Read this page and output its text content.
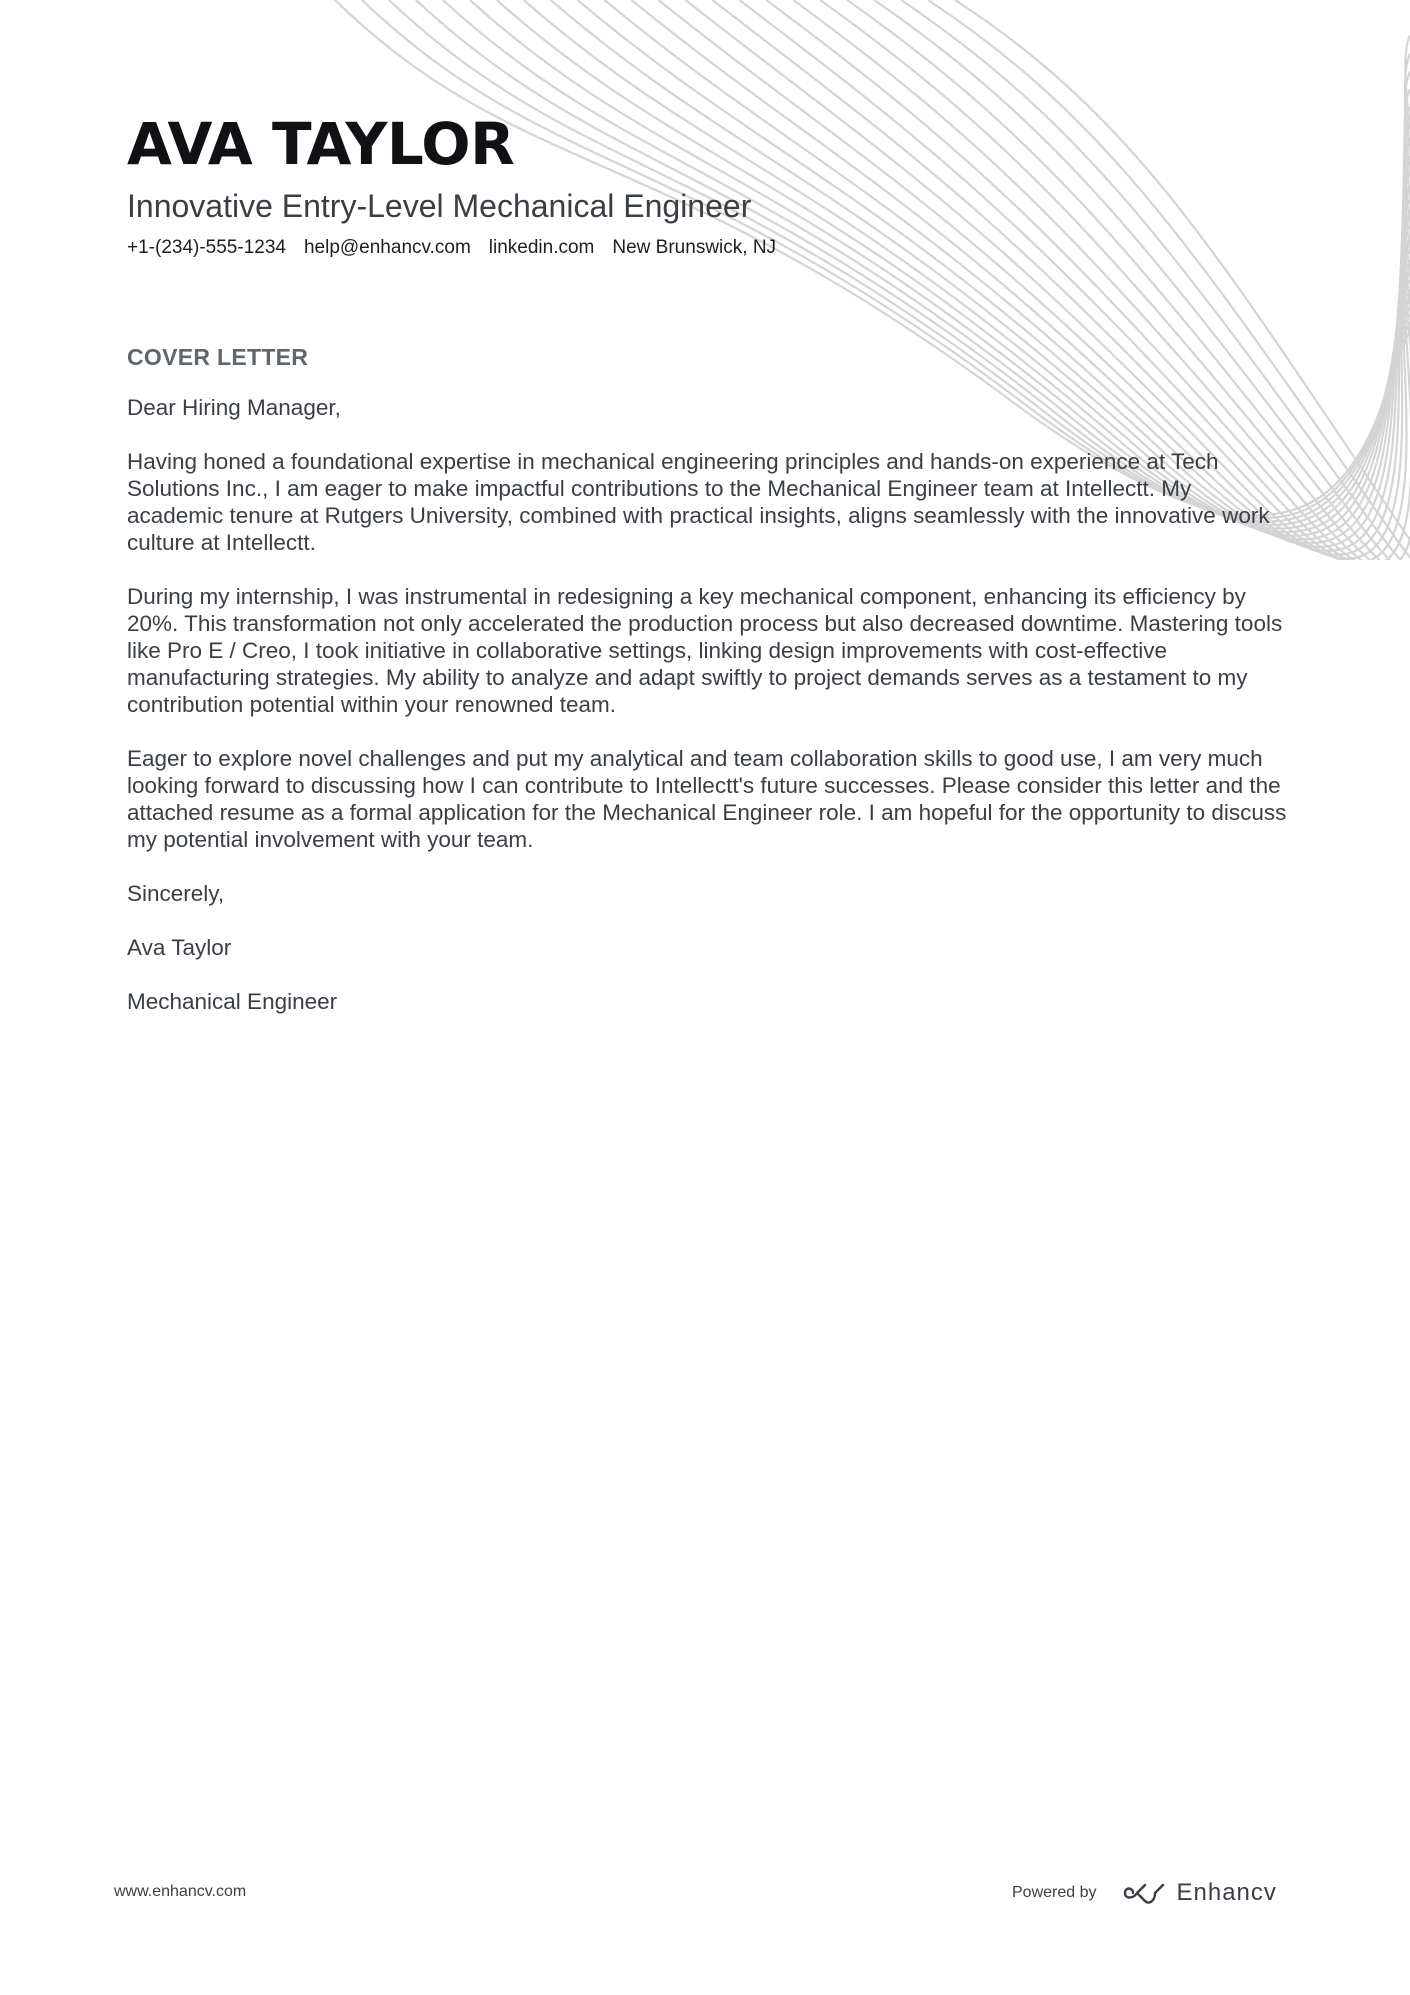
AVA TAYLOR
Innovative Entry-Level Mechanical Engineer
+1-(234)-555-1234 help@enhancv.com linkedin.com New Brunswick, NJ
COVER LETTER

Dear Hiring Manager,

Having honed a foundational expertise in mechanical engineering principles and hands-on experience at Tech Solutions Inc., I am eager to make impactful contributions to the Mechanical Engineer team at Intellectt. My academic tenure at Rutgers University, combined with practical insights, aligns seamlessly with the innovative work culture at Intellectt.

During my internship, I was instrumental in redesigning a key mechanical component, enhancing its efficiency by 20%. This transformation not only accelerated the production process but also decreased downtime. Mastering tools like Pro E / Creo, I took initiative in collaborative settings, linking design improvements with cost-effective manufacturing strategies. My ability to analyze and adapt swiftly to project demands serves as a testament to my contribution potential within your renowned team.

Eager to explore novel challenges and put my analytical and team collaboration skills to good use, I am very much looking forward to discussing how I can contribute to Intellectt's future successes. Please consider this letter and the attached resume as a formal application for the Mechanical Engineer role. I am hopeful for the opportunity to discuss my potential involvement with your team.

Sincerely,

Ava Taylor

Mechanical Engineer

www.enhancv.com	Powered by	Enhancv
